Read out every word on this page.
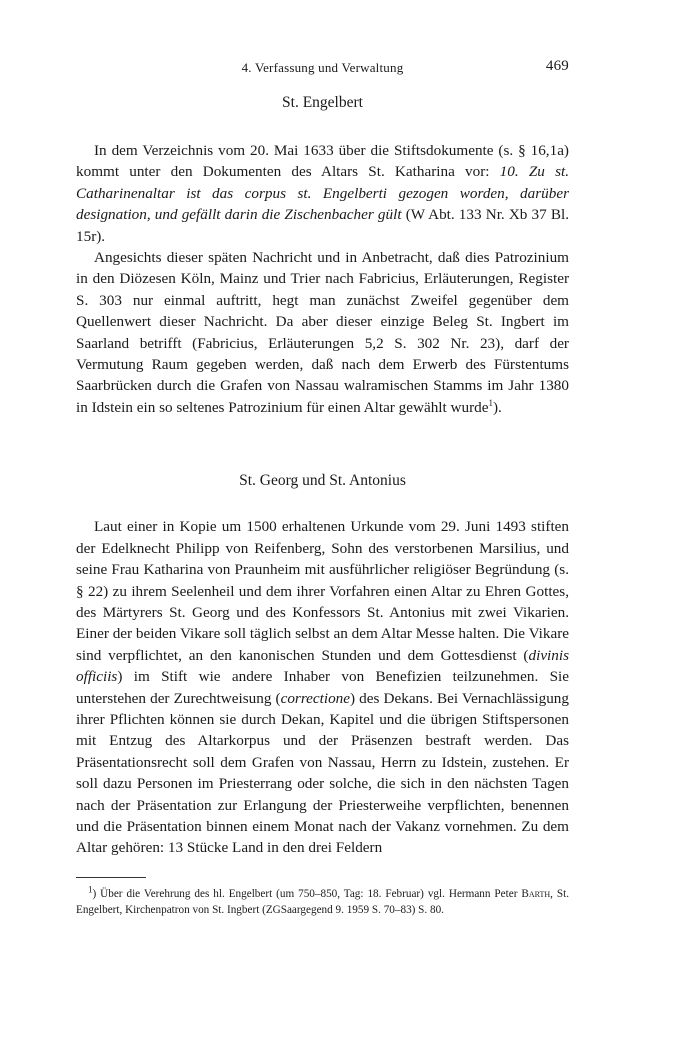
4. Verfassung und Verwaltung	469
St. Engelbert

In dem Verzeichnis vom 20. Mai 1633 über die Stiftsdokumente (s. § 16,1a) kommt unter den Dokumenten des Altars St. Katharina vor: 10. Zu st. Catharinenaltar ist das corpus st. Engelberti gezogen worden, darüber designation, und gefällt darin die Zischenbacher gült (W Abt. 133 Nr. Xb 37 Bl. 15r).

Angesichts dieser späten Nachricht und in Anbetracht, daß dies Patrozinium in den Diözesen Köln, Mainz und Trier nach Fabricius, Erläuterungen, Register S. 303 nur einmal auftritt, hegt man zunächst Zweifel gegenüber dem Quellenwert dieser Nachricht. Da aber dieser einzige Beleg St. Ingbert im Saarland betrifft (Fabricius, Erläuterungen 5,2 S. 302 Nr. 23), darf der Vermutung Raum gegeben werden, daß nach dem Erwerb des Fürstentums Saarbrücken durch die Grafen von Nassau walramischen Stamms im Jahr 1380 in Idstein ein so seltenes Patrozinium für einen Altar gewählt wurde$^1$).

St. Georg und St. Antonius

Laut einer in Kopie um 1500 erhaltenen Urkunde vom 29. Juni 1493 stiften der Edelknecht Philipp von Reifenberg, Sohn des verstorbenen Marsilius, und seine Frau Katharina von Praunheim mit ausführlicher religiöser Begründung (s. § 22) zu ihrem Seelenheil und dem ihrer Vorfahren einen Altar zu Ehren Gottes, des Märtyrers St. Georg und des Konfessors St. Antonius mit zwei Vikarien. Einer der beiden Vikare soll täglich selbst an dem Altar Messe halten. Die Vikare sind verpflichtet, an den kanonischen Stunden und dem Gottesdienst (divinis officiis) im Stift wie andere Inhaber von Benefizien teilzunehmen. Sie unterstehen der Zurechtweisung (correctione) des Dekans. Bei Vernachlässigung ihrer Pflichten können sie durch Dekan, Kapitel und die übrigen Stiftspersonen mit Entzug des Altarkorpus und der Präsenzen bestraft werden. Das Präsentationsrecht soll dem Grafen von Nassau, Herrn zu Idstein, zustehen. Er soll dazu Personen im Priesterrang oder solche, die sich in den nächsten Tagen nach der Präsentation zur Erlangung der Priesterweihe verpflichten, benennen und die Präsentation binnen einem Monat nach der Vakanz vornehmen. Zu dem Altar gehören: 13 Stücke Land in den drei Feldern

$^1$) Über die Verehrung des hl. Engelbert (um 750–850, Tag: 18. Februar) vgl. Hermann Peter Barth, St. Engelbert, Kirchenpatron von St. Ingbert (ZGSaargegend 9. 1959 S. 70–83) S. 80.
